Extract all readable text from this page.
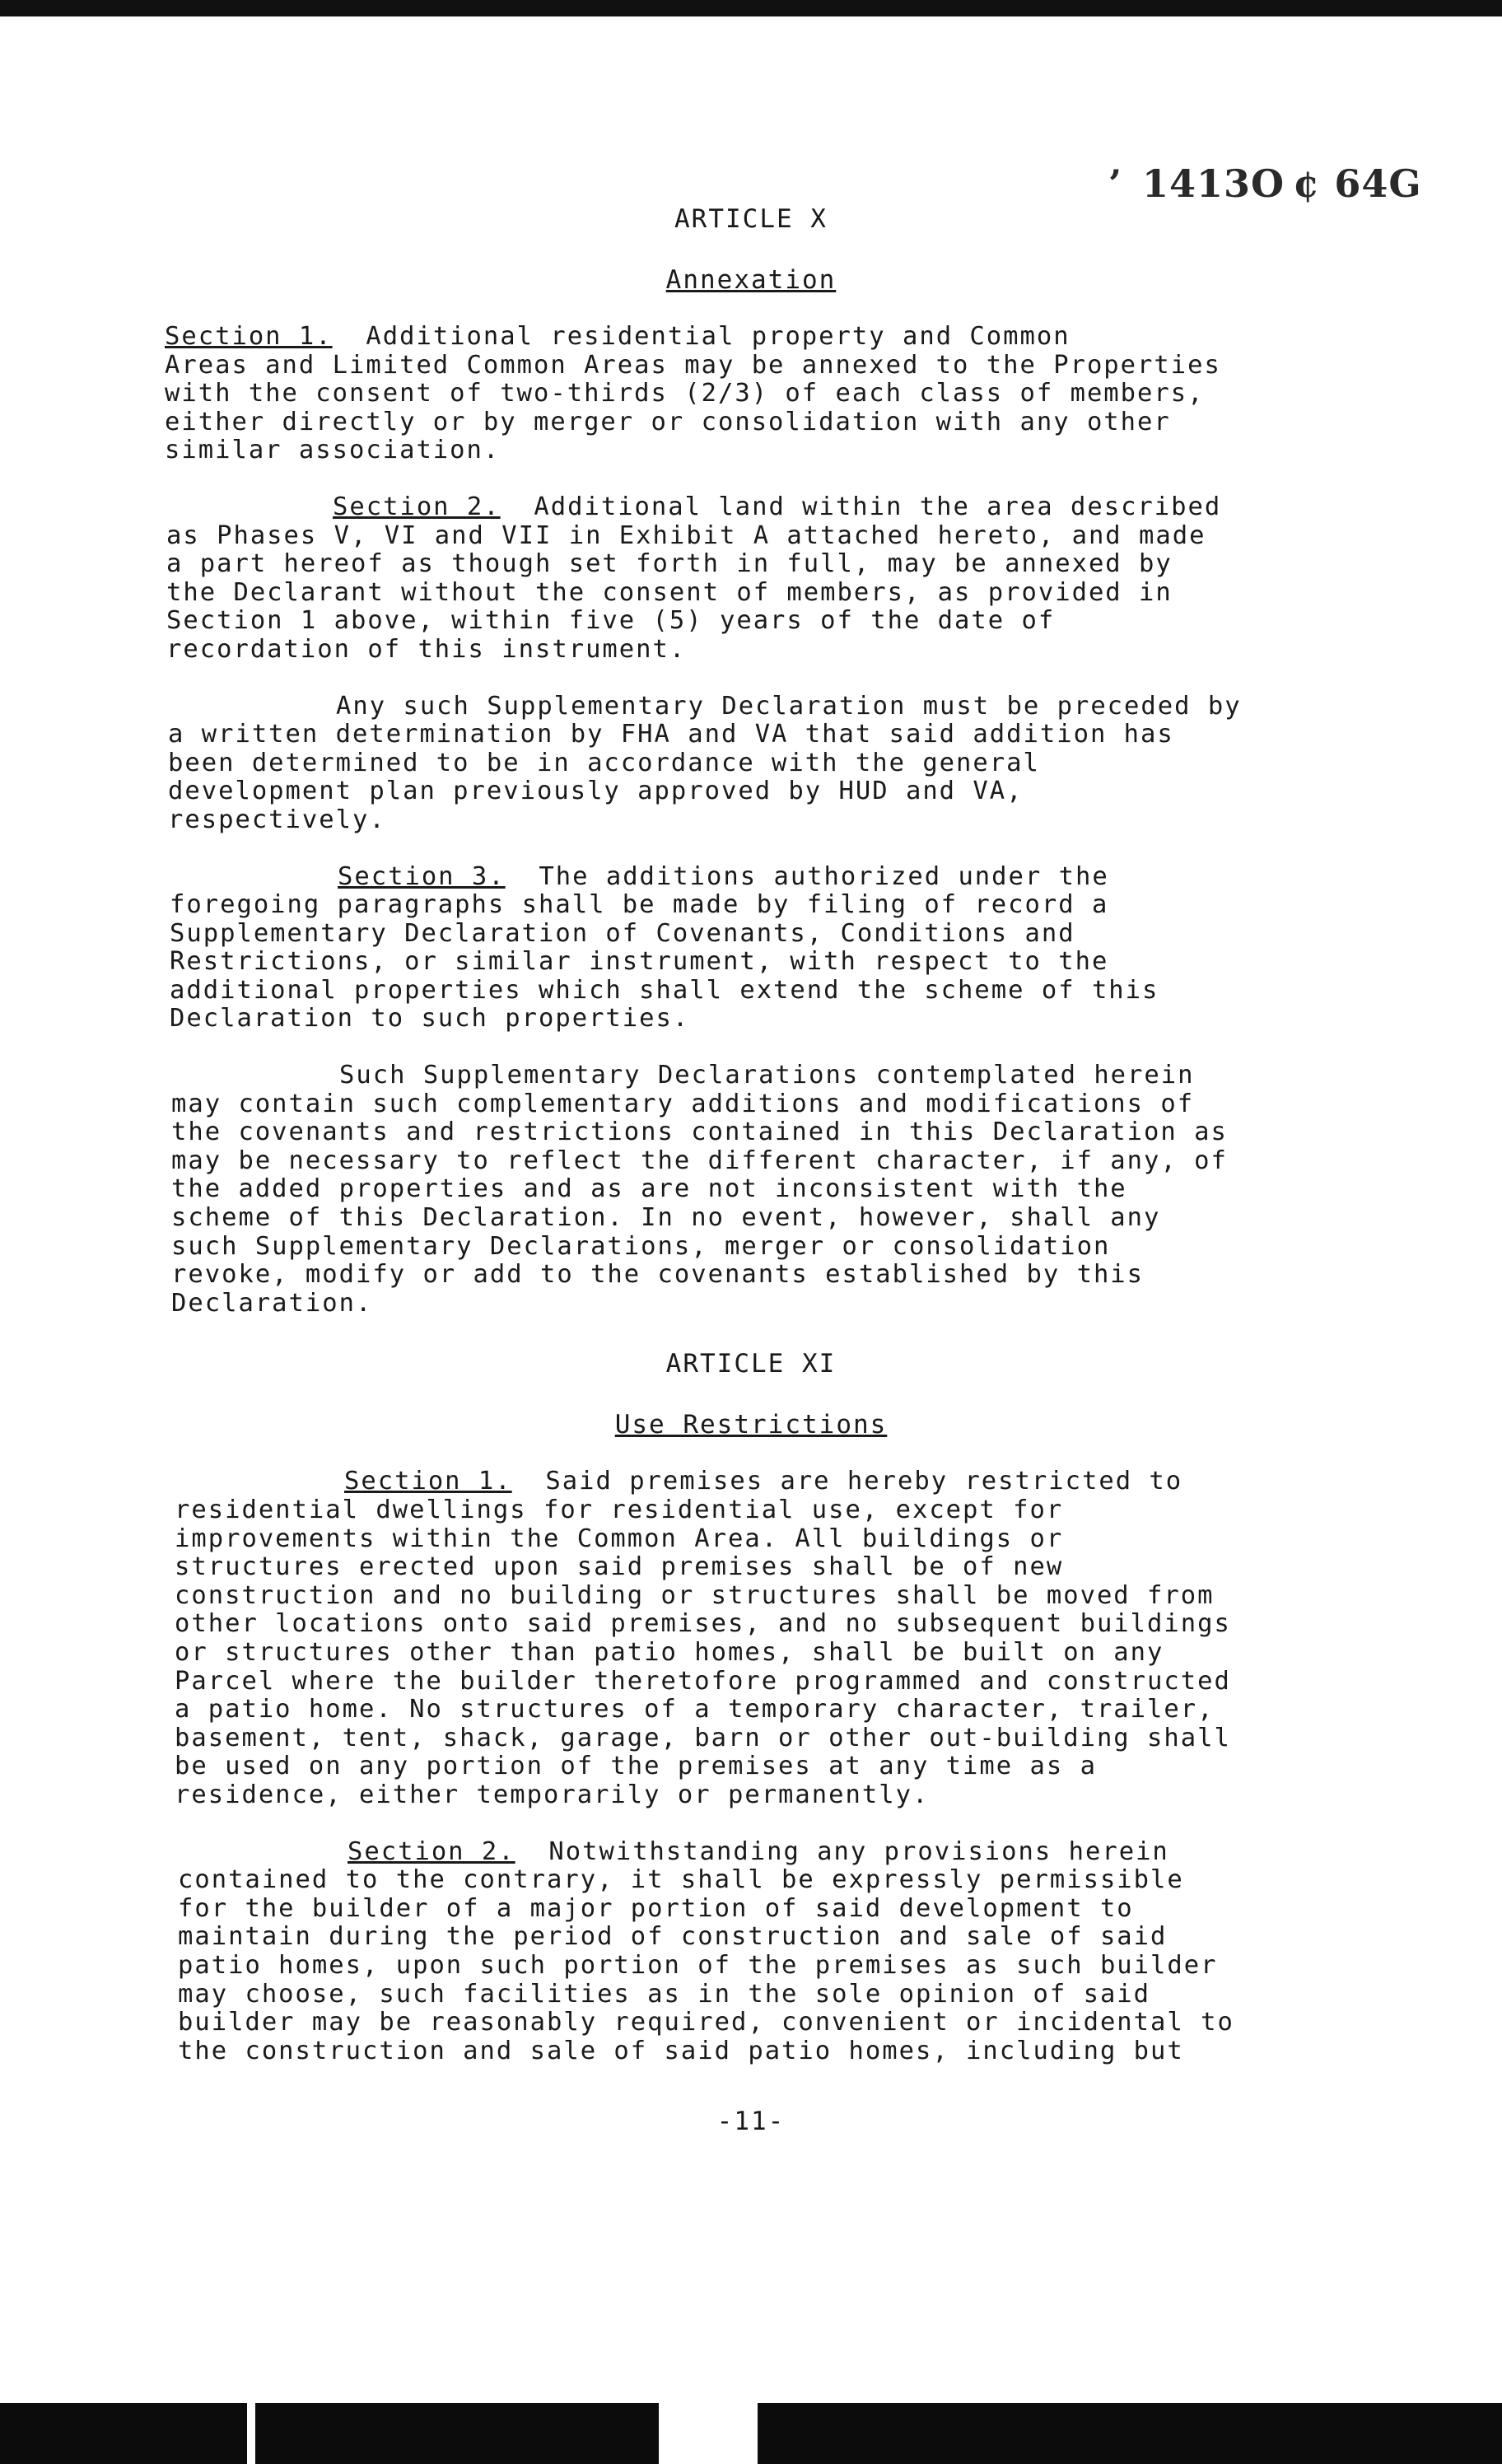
’ 1413O ¢ 64G
ARTICLE X
Annexation
Section 1. Additional residential property and Common
Areas and Limited Common Areas may be annexed to the Properties
with the consent of two-thirds (2/3) of each class of members,
either directly or by merger or consolidation with any other
similar association.
Section 2. Additional land within the area described
as Phases V, VI and VII in Exhibit A attached hereto, and made
a part hereof as though set forth in full, may be annexed by
the Declarant without the consent of members, as provided in
Section 1 above, within five (5) years of the date of
recordation of this instrument.
Any such Supplementary Declaration must be preceded by
a written determination by FHA and VA that said addition has
been determined to be in accordance with the general
development plan previously approved by HUD and VA,
respectively.
Section 3. The additions authorized under the
foregoing paragraphs shall be made by filing of record a
Supplementary Declaration of Covenants, Conditions and
Restrictions, or similar instrument, with respect to the
additional properties which shall extend the scheme of this
Declaration to such properties.
Such Supplementary Declarations contemplated herein
may contain such complementary additions and modifications of
the covenants and restrictions contained in this Declaration as
may be necessary to reflect the different character, if any, of
the added properties and as are not inconsistent with the
scheme of this Declaration. In no event, however, shall any
such Supplementary Declarations, merger or consolidation
revoke, modify or add to the covenants established by this
Declaration.
ARTICLE XI
Use Restrictions
Section 1. Said premises are hereby restricted to
residential dwellings for residential use, except for
improvements within the Common Area. All buildings or
structures erected upon said premises shall be of new
construction and no building or structures shall be moved from
other locations onto said premises, and no subsequent buildings
or structures other than patio homes, shall be built on any
Parcel where the builder theretofore programmed and constructed
a patio home. No structures of a temporary character, trailer,
basement, tent, shack, garage, barn or other out-building shall
be used on any portion of the premises at any time as a
residence, either temporarily or permanently.
Section 2. Notwithstanding any provisions herein
contained to the contrary, it shall be expressly permissible
for the builder of a major portion of said development to
maintain during the period of construction and sale of said
patio homes, upon such portion of the premises as such builder
may choose, such facilities as in the sole opinion of said
builder may be reasonably required, convenient or incidental to
the construction and sale of said patio homes, including but
-11-
